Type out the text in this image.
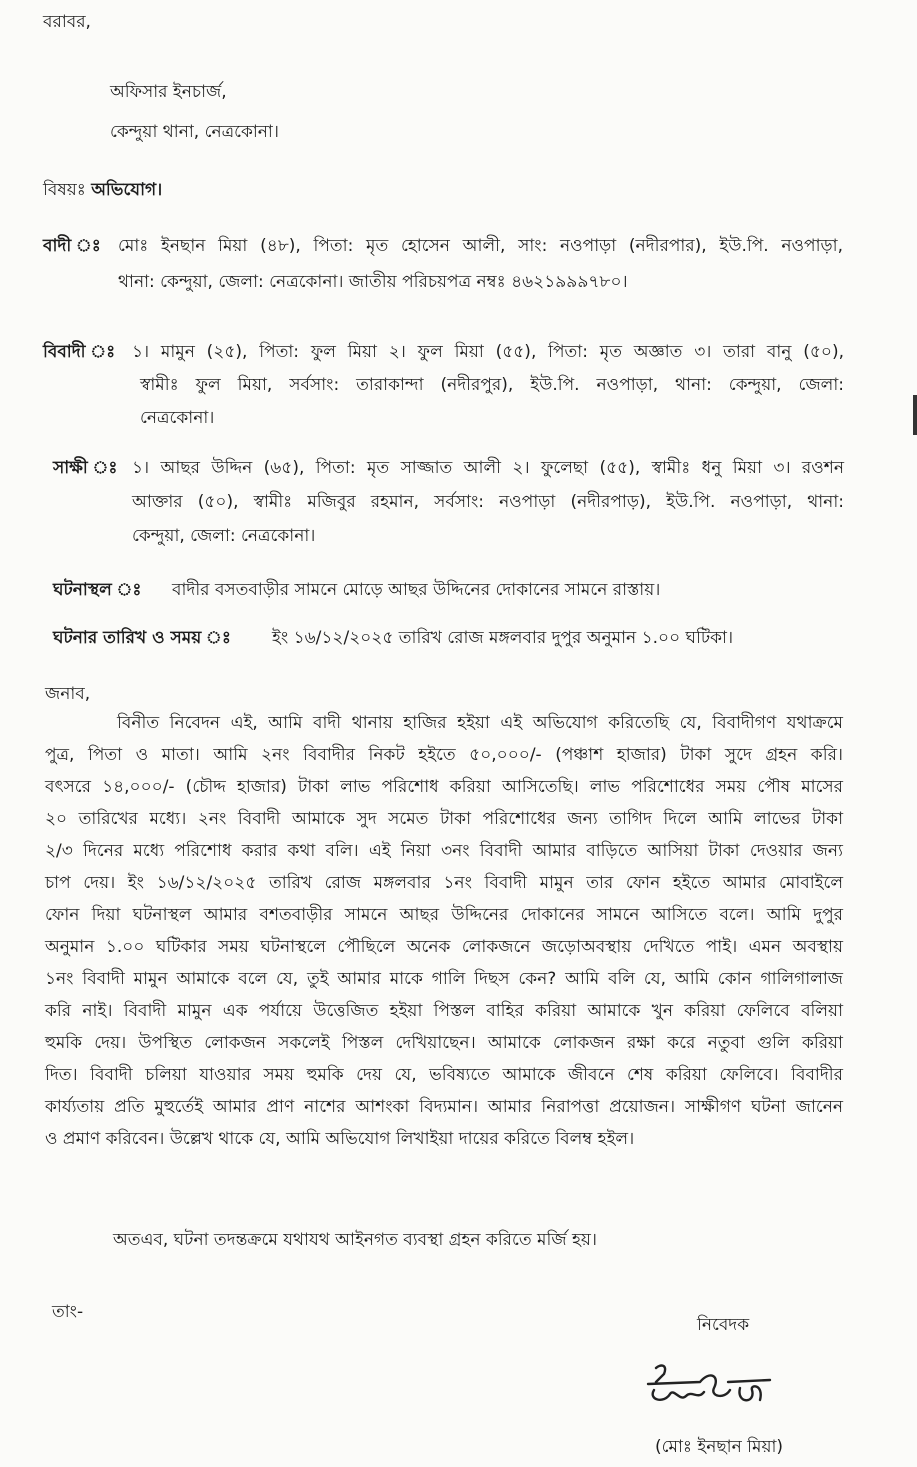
বরাবর,
অফিসার ইনচার্জ,
কেন্দুয়া থানা, নেত্রকোনা।
বিষয়ঃ অভিযোগ।
বাদী ঃ মোঃ ইনছান মিয়া (৪৮), পিতা: মৃত হোসেন আলী, সাং: নওপাড়া (নদীরপার), ইউ.পি. নওপাড়া,
থানা: কেন্দুয়া, জেলা: নেত্রকোনা। জাতীয় পরিচয়পত্র নম্বঃ ৪৬২১৯৯৯৭৮০।
বিবাদী ঃ ১। মামুন (২৫), পিতা: ফুল মিয়া ২। ফুল মিয়া (৫৫), পিতা: মৃত অজ্ঞাত ৩। তারা বানু (৫০),
স্বামীঃ ফুল মিয়া, সর্বসাং: তারাকান্দা (নদীরপুর), ইউ.পি. নওপাড়া, থানা: কেন্দুয়া, জেলা:
নেত্রকোনা।
সাক্ষী ঃ ১। আছর উদ্দিন (৬৫), পিতা: মৃত সাজ্জাত আলী ২। ফুলেছা (৫৫), স্বামীঃ ধনু মিয়া ৩। রওশন
আক্তার (৫০), স্বামীঃ মজিবুর রহমান, সর্বসাং: নওপাড়া (নদীরপাড়), ইউ.পি. নওপাড়া, থানা:
কেন্দুয়া, জেলা: নেত্রকোনা।
ঘটনাস্থল ঃ বাদীর বসতবাড়ীর সামনে মোড়ে আছর উদ্দিনের দোকানের সামনে রাস্তায়।
ঘটনার তারিখ ও সময় ঃ ইং ১৬/১২/২০২৫ তারিখ রোজ মঙ্গলবার দুপুর অনুমান ১.০০ ঘটিকা।
জনাব,
বিনীত নিবেদন এই, আমি বাদী থানায় হাজির হইয়া এই অভিযোগ করিতেছি যে, বিবাদীগণ যথাক্রমে
পুত্র, পিতা ও মাতা। আমি ২নং বিবাদীর নিকট হইতে ৫০,০০০/- (পঞ্চাশ হাজার) টাকা সুদে গ্রহন করি।
বৎসরে ১৪,০০০/- (চৌদ্দ হাজার) টাকা লাভ পরিশোধ করিয়া আসিতেছি। লাভ পরিশোধের সময় পৌষ মাসের
২০ তারিখের মধ্যে। ২নং বিবাদী আমাকে সুদ সমেত টাকা পরিশোধের জন্য তাগিদ দিলে আমি লাভের টাকা
২/৩ দিনের মধ্যে পরিশোধ করার কথা বলি। এই নিয়া ৩নং বিবাদী আমার বাড়িতে আসিয়া টাকা দেওয়ার জন্য
চাপ দেয়। ইং ১৬/১২/২০২৫ তারিখ রোজ মঙ্গলবার ১নং বিবাদী মামুন তার ফোন হইতে আমার মোবাইলে
ফোন দিয়া ঘটনাস্থল আমার বশতবাড়ীর সামনে আছর উদ্দিনের দোকানের সামনে আসিতে বলে। আমি দুপুর
অনুমান ১.০০ ঘটিকার সময় ঘটনাস্থলে পৌছিলে অনেক লোকজনে জড়োঅবস্থায় দেখিতে পাই। এমন অবস্থায়
১নং বিবাদী মামুন আমাকে বলে যে, তুই আমার মাকে গালি দিছস কেন? আমি বলি যে, আমি কোন গালিগালাজ
করি নাই। বিবাদী মামুন এক পর্যায়ে উত্তেজিত হইয়া পিস্তল বাহির করিয়া আমাকে খুন করিয়া ফেলিবে বলিয়া
হুমকি দেয়। উপস্থিত লোকজন সকলেই পিস্তল দেখিয়াছেন। আমাকে লোকজন রক্ষা করে নতুবা গুলি করিয়া
দিত। বিবাদী চলিয়া যাওয়ার সময় হুমকি দেয় যে, ভবিষ্যতে আমাকে জীবনে শেষ করিয়া ফেলিবে। বিবাদীর
কার্য্যতায় প্রতি মুহুর্তেই আমার প্রাণ নাশের আশংকা বিদ্যমান। আমার নিরাপত্তা প্রয়োজন। সাক্ষীগণ ঘটনা জানেন
ও প্রমাণ করিবেন। উল্লেখ থাকে যে, আমি অভিযোগ লিখাইয়া দায়ের করিতে বিলম্ব হইল।
অতএব, ঘটনা তদন্তক্রমে যথাযথ আইনগত ব্যবস্থা গ্রহন করিতে মর্জি হয়।
তাং-
নিবেদক
(মোঃ ইনছান মিয়া)
